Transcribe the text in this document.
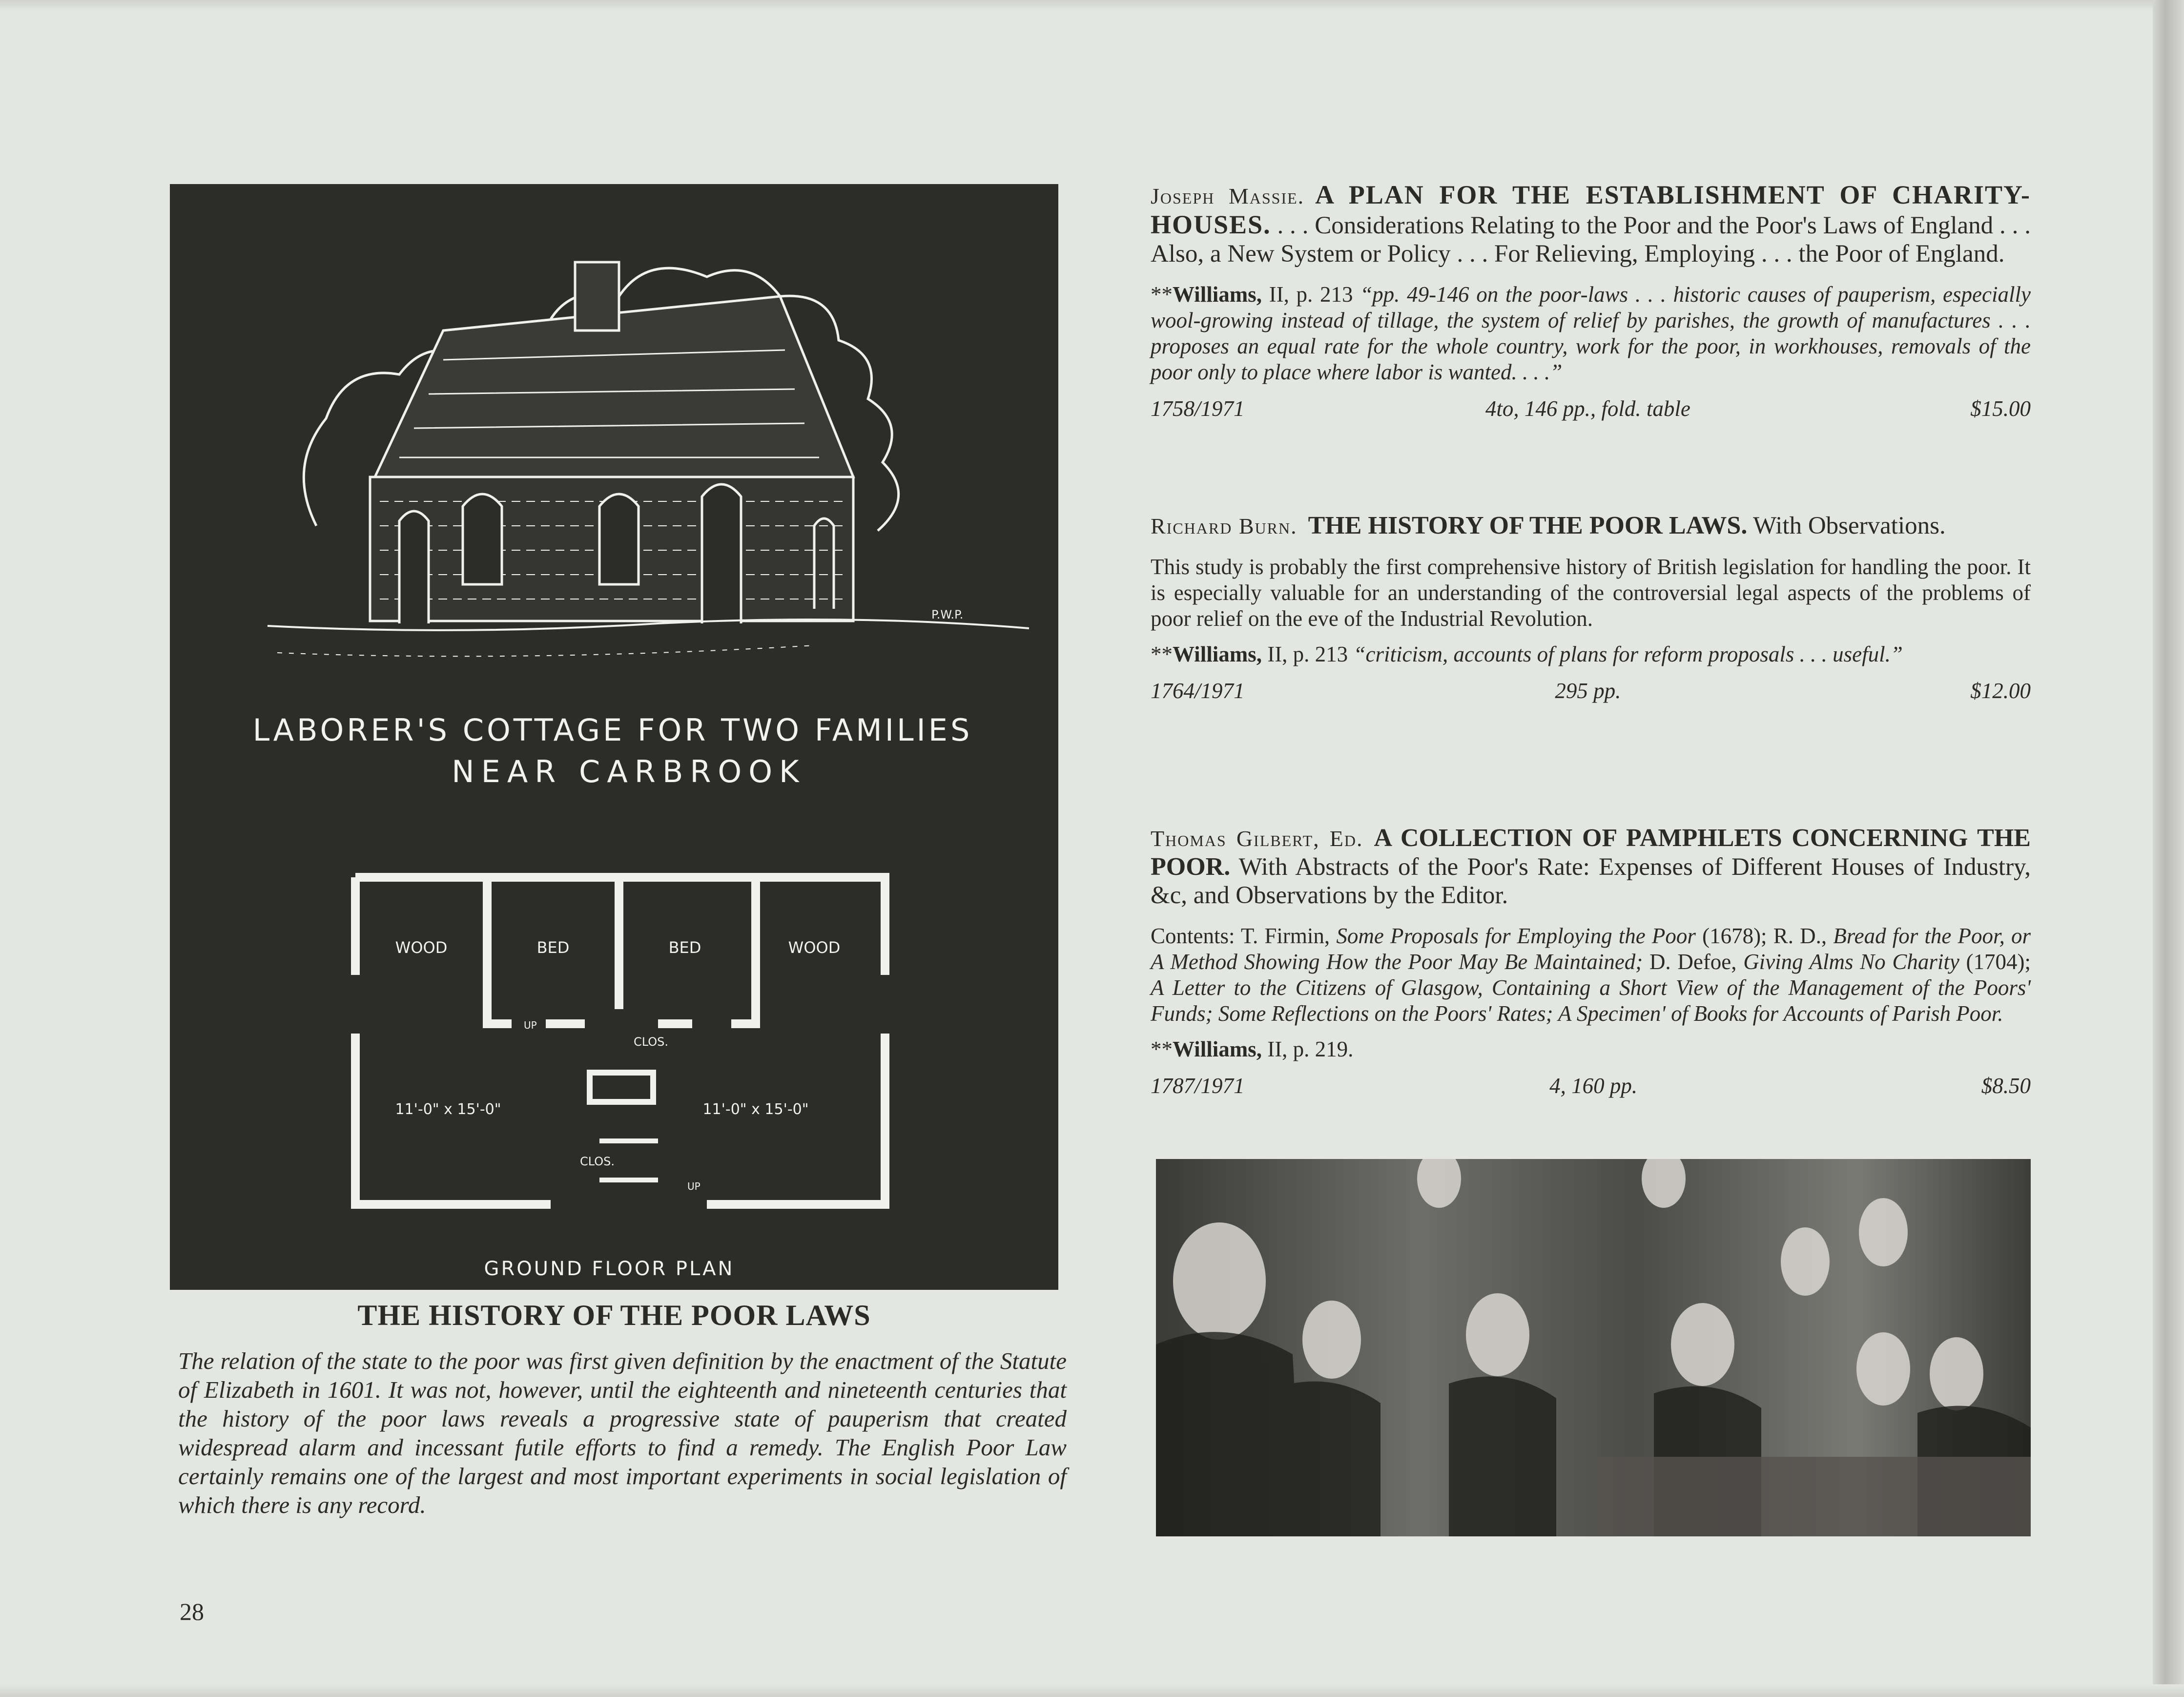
LABORER'S COTTAGE FOR TWO FAMILIES
NEAR CARBROOK
P.W.P.
WOOD	BED	BED	WOOD
CLOS.
CLOS.
UP
UP
11'-0" x 15'-0"	11'-0" x 15'-0"
GROUND FLOOR PLAN
THE HISTORY OF THE POOR LAWS
The relation of the state to the poor was first given definition by the enactment of the Statute of Elizabeth in 1601. It was not, however, until the eighteenth and nineteenth centuries that the history of the poor laws reveals a progressive state of pauperism that created widespread alarm and incessant futile efforts to find a remedy. The English Poor Law certainly remains one of the largest and most important experiments in social legislation of which there is any record.
28
Joseph Massie. A PLAN FOR THE ESTABLISHMENT OF CHARITY-HOUSES. . . . Considerations Relating to the Poor and the Poor's Laws of England . . . Also, a New System or Policy . . . For Relieving, Employing . . . the Poor of England.
**Williams, II, p. 213 “pp. 49-146 on the poor-laws . . . historic causes of pauperism, especially wool-growing instead of tillage, the system of relief by parishes, the growth of manufactures . . . proposes an equal rate for the whole country, work for the poor, in workhouses, removals of the poor only to place where labor is wanted. . . .”
1758/1971	4to, 146 pp., fold. table	$15.00
Richard Burn. THE HISTORY OF THE POOR LAWS. With Observations.
This study is probably the first comprehensive history of British legislation for handling the poor. It is especially valuable for an understanding of the controversial legal aspects of the problems of poor relief on the eve of the Industrial Revolution.
**Williams, II, p. 213 “criticism, accounts of plans for reform proposals . . . useful.”
1764/1971	295 pp.	$12.00
Thomas Gilbert, Ed. A COLLECTION OF PAMPHLETS CONCERNING THE POOR. With Abstracts of the Poor's Rate: Expenses of Different Houses of Industry, &c, and Observations by the Editor.
Contents: T. Firmin, Some Proposals for Employing the Poor (1678); R. D., Bread for the Poor, or A Method Showing How the Poor May Be Maintained; D. Defoe, Giving Alms No Charity (1704); A Letter to the Citizens of Glasgow, Containing a Short View of the Management of the Poors' Funds; Some Reflections on the Poors' Rates; A Specimen' of Books for Accounts of Parish Poor.
**Williams, II, p. 219.
1787/1971	4, 160 pp.	$8.50
